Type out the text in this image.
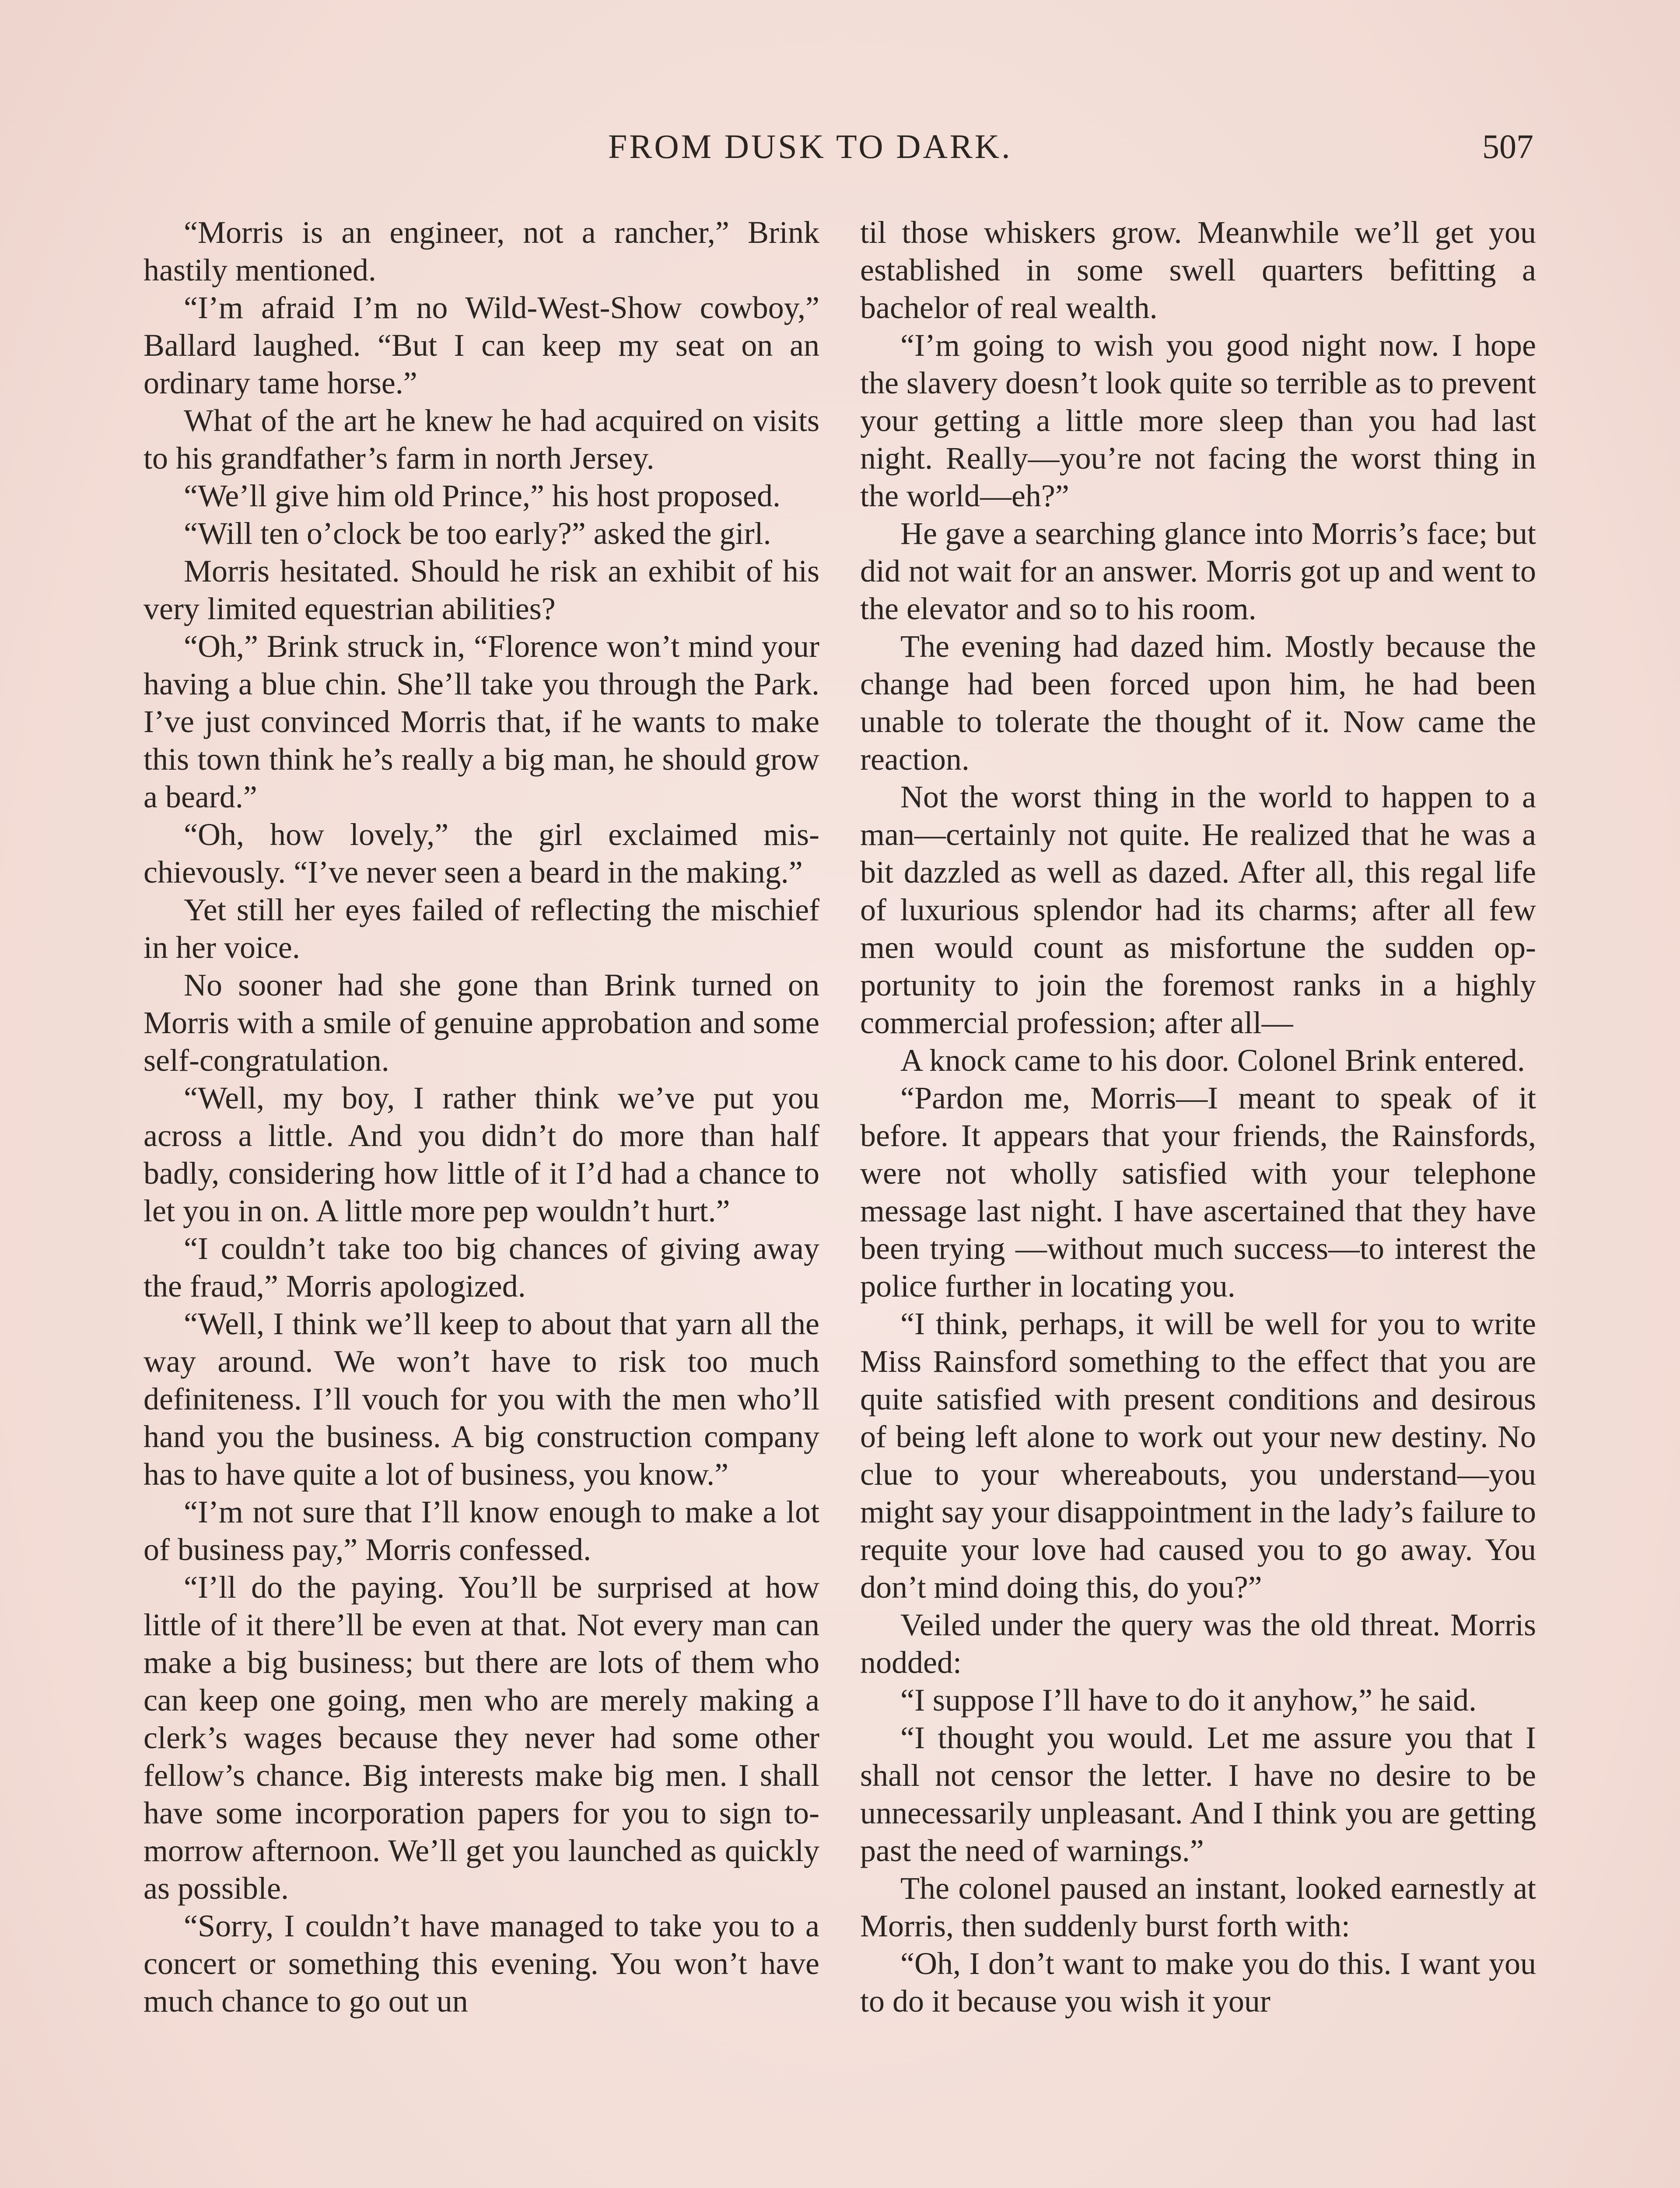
FROM DUSK TO DARK.	507

“Morris is an engineer, not a rancher,” Brink hastily mentioned.

“I’m afraid I’m no Wild-West-Show cowboy,” Ballard laughed. “But I can keep my seat on an ordinary tame horse.”

What of the art he knew he had acquired on visits to his grandfather’s farm in north Jersey.

“We’ll give him old Prince,” his host proposed.

“Will ten o’clock be too early?” asked the girl.

Morris hesitated. Should he risk an exhibit of his very limited equestrian abilities?

“Oh,” Brink struck in, “Florence won’t mind your having a blue chin. She’ll take you through the Park. I’ve just convinced Morris that, if he wants to make this town think he’s really a big man, he should grow a beard.”

“Oh, how lovely,” the girl exclaimed mischievously. “I’ve never seen a beard in the making.”

Yet still her eyes failed of reflecting the mischief in her voice.

No sooner had she gone than Brink turned on Morris with a smile of genuine approbation and some self-congratulation.

“Well, my boy, I rather think we’ve put you across a little. And you didn’t do more than half badly, considering how little of it I’d had a chance to let you in on. A little more pep wouldn’t hurt.”

“I couldn’t take too big chances of giving away the fraud,” Morris apologized.

“Well, I think we’ll keep to about that yarn all the way around. We won’t have to risk too much definiteness. I’ll vouch for you with the men who’ll hand you the business. A big construction company has to have quite a lot of business, you know.”

“I’m not sure that I’ll know enough to make a lot of business pay,” Morris confessed.

“I’ll do the paying. You’ll be surprised at how little of it there’ll be even at that. Not every man can make a big business; but there are lots of them who can keep one going, men who are merely making a clerk’s wages because they never had some other fellow’s chance. Big interests make big men. I shall have some incorporation papers for you to sign to-morrow afternoon. We’ll get you launched as quickly as possible.

“Sorry, I couldn’t have managed to take you to a concert or something this evening. You won’t have much chance to go out un

til those whiskers grow. Meanwhile we’ll get you established in some swell quarters befitting a bachelor of real wealth.

“I’m going to wish you good night now. I hope the slavery doesn’t look quite so terrible as to prevent your getting a little more sleep than you had last night. Really—you’re not facing the worst thing in the world—eh?”

He gave a searching glance into Morris’s face; but did not wait for an answer. Morris got up and went to the elevator and so to his room.

The evening had dazed him. Mostly because the change had been forced upon him, he had been unable to tolerate the thought of it. Now came the reaction.

Not the worst thing in the world to happen to a man—certainly not quite. He realized that he was a bit dazzled as well as dazed. After all, this regal life of luxurious splendor had its charms; after all few men would count as misfortune the sudden opportunity to join the foremost ranks in a highly commercial profession; after all—

A knock came to his door. Colonel Brink entered.

“Pardon me, Morris—I meant to speak of it before. It appears that your friends, the Rainsfords, were not wholly satisfied with your telephone message last night. I have ascertained that they have been trying —without much success—to interest the police further in locating you.

“I think, perhaps, it will be well for you to write Miss Rainsford something to the effect that you are quite satisfied with present conditions and desirous of being left alone to work out your new destiny. No clue to your whereabouts, you understand—you might say your disappointment in the lady’s failure to requite your love had caused you to go away. You don’t mind doing this, do you?”

Veiled under the query was the old threat. Morris nodded:

“I suppose I’ll have to do it anyhow,” he said.

“I thought you would. Let me assure you that I shall not censor the letter. I have no desire to be unnecessarily unpleasant. And I think you are getting past the need of warnings.”

The colonel paused an instant, looked earnestly at Morris, then suddenly burst forth with:

“Oh, I don’t want to make you do this. I want you to do it because you wish it your
